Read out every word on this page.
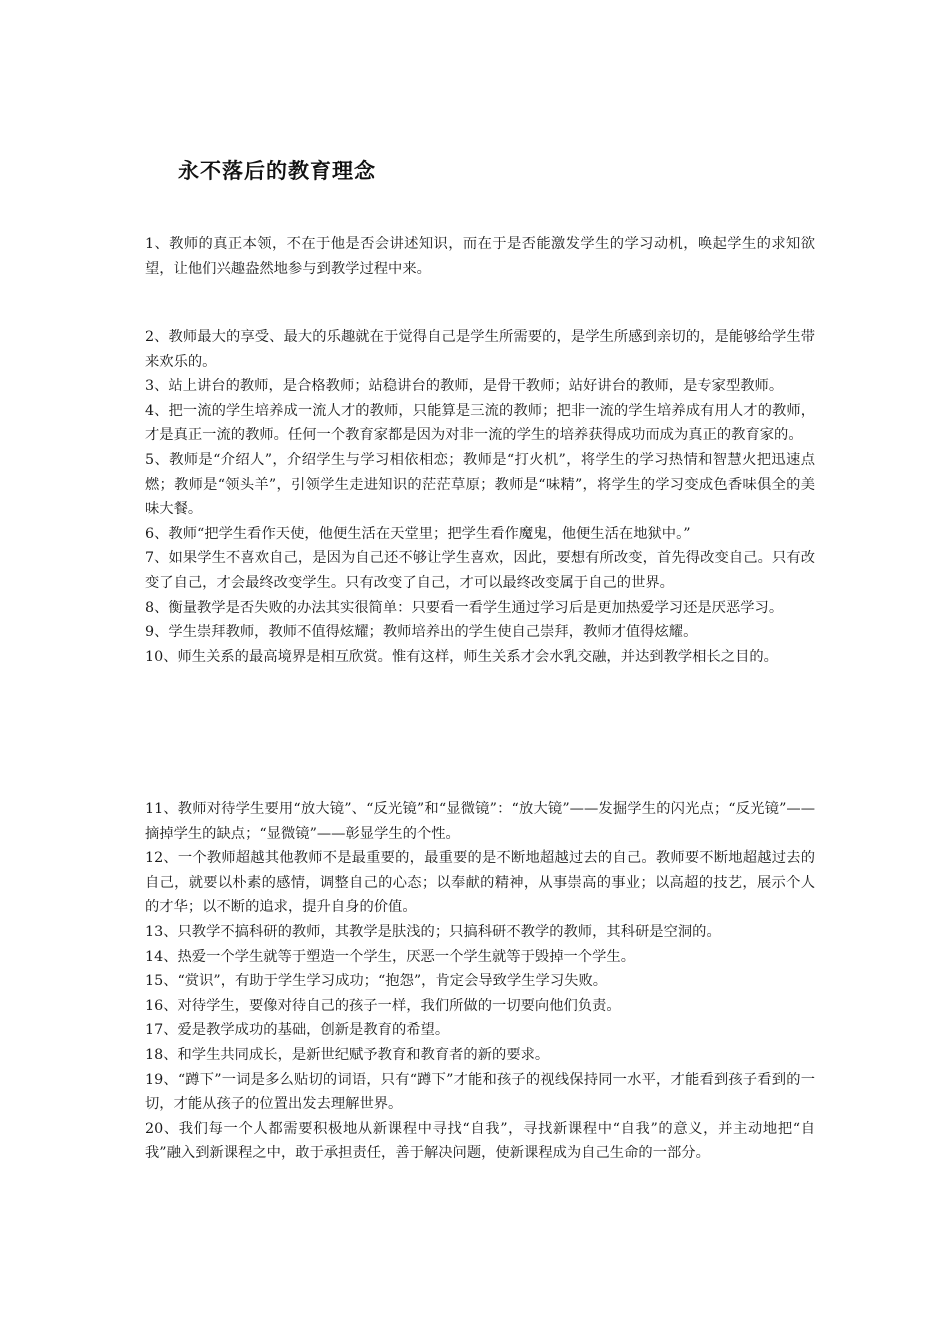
永不落后的教育理念

1、教师的真正本领，不在于他是否会讲述知识，而在于是否能激发学生的学习动机，唤起学生的求知欲望，让他们兴趣盎然地参与到教学过程中来。

2、教师最大的享受、最大的乐趣就在于觉得自己是学生所需要的，是学生所感到亲切的，是能够给学生带来欢乐的。

3、站上讲台的教师，是合格教师；站稳讲台的教师，是骨干教师；站好讲台的教师，是专家型教师。

4、把一流的学生培养成一流人才的教师，只能算是三流的教师；把非一流的学生培养成有用人才的教师，才是真正一流的教师。任何一个教育家都是因为对非一流的学生的培养获得成功而成为真正的教育家的。

5、教师是“介绍人”，介绍学生与学习相依相恋；教师是“打火机”，将学生的学习热情和智慧火把迅速点燃；教师是“领头羊”，引领学生走进知识的茫茫草原；教师是“味精”，将学生的学习变成色香味俱全的美味大餐。

6、教师“把学生看作天使，他便生活在天堂里；把学生看作魔鬼，他便生活在地狱中。”

7、如果学生不喜欢自己，是因为自己还不够让学生喜欢，因此，要想有所改变，首先得改变自己。只有改变了自己，才会最终改变学生。只有改变了自己，才可以最终改变属于自己的世界。

8、衡量教学是否失败的办法其实很简单：只要看一看学生通过学习后是更加热爱学习还是厌恶学习。

9、学生崇拜教师，教师不值得炫耀；教师培养出的学生使自己崇拜，教师才值得炫耀。

10、师生关系的最高境界是相互欣赏。惟有这样，师生关系才会水乳交融，并达到教学相长之目的。

11、教师对待学生要用“放大镜”、“反光镜”和“显微镜”：“放大镜”——发掘学生的闪光点；“反光镜”——摘掉学生的缺点；“显微镜”——彰显学生的个性。

12、一个教师超越其他教师不是最重要的，最重要的是不断地超越过去的自己。教师要不断地超越过去的自己，就要以朴素的感情，调整自己的心态；以奉献的精神，从事崇高的事业；以高超的技艺，展示个人的才华；以不断的追求，提升自身的价值。

13、只教学不搞科研的教师，其教学是肤浅的；只搞科研不教学的教师，其科研是空洞的。

14、热爱一个学生就等于塑造一个学生，厌恶一个学生就等于毁掉一个学生。

15、“赏识”，有助于学生学习成功；“抱怨”，肯定会导致学生学习失败。

16、对待学生，要像对待自己的孩子一样，我们所做的一切要向他们负责。

17、爱是教学成功的基础，创新是教育的希望。

18、和学生共同成长，是新世纪赋予教育和教育者的新的要求。

19、“蹲下”一词是多么贴切的词语，只有“蹲下”才能和孩子的视线保持同一水平，才能看到孩子看到的一切，才能从孩子的位置出发去理解世界。

20、我们每一个人都需要积极地从新课程中寻找“自我”，寻找新课程中“自我”的意义，并主动地把“自我”融入到新课程之中，敢于承担责任，善于解决问题，使新课程成为自己生命的一部分。
